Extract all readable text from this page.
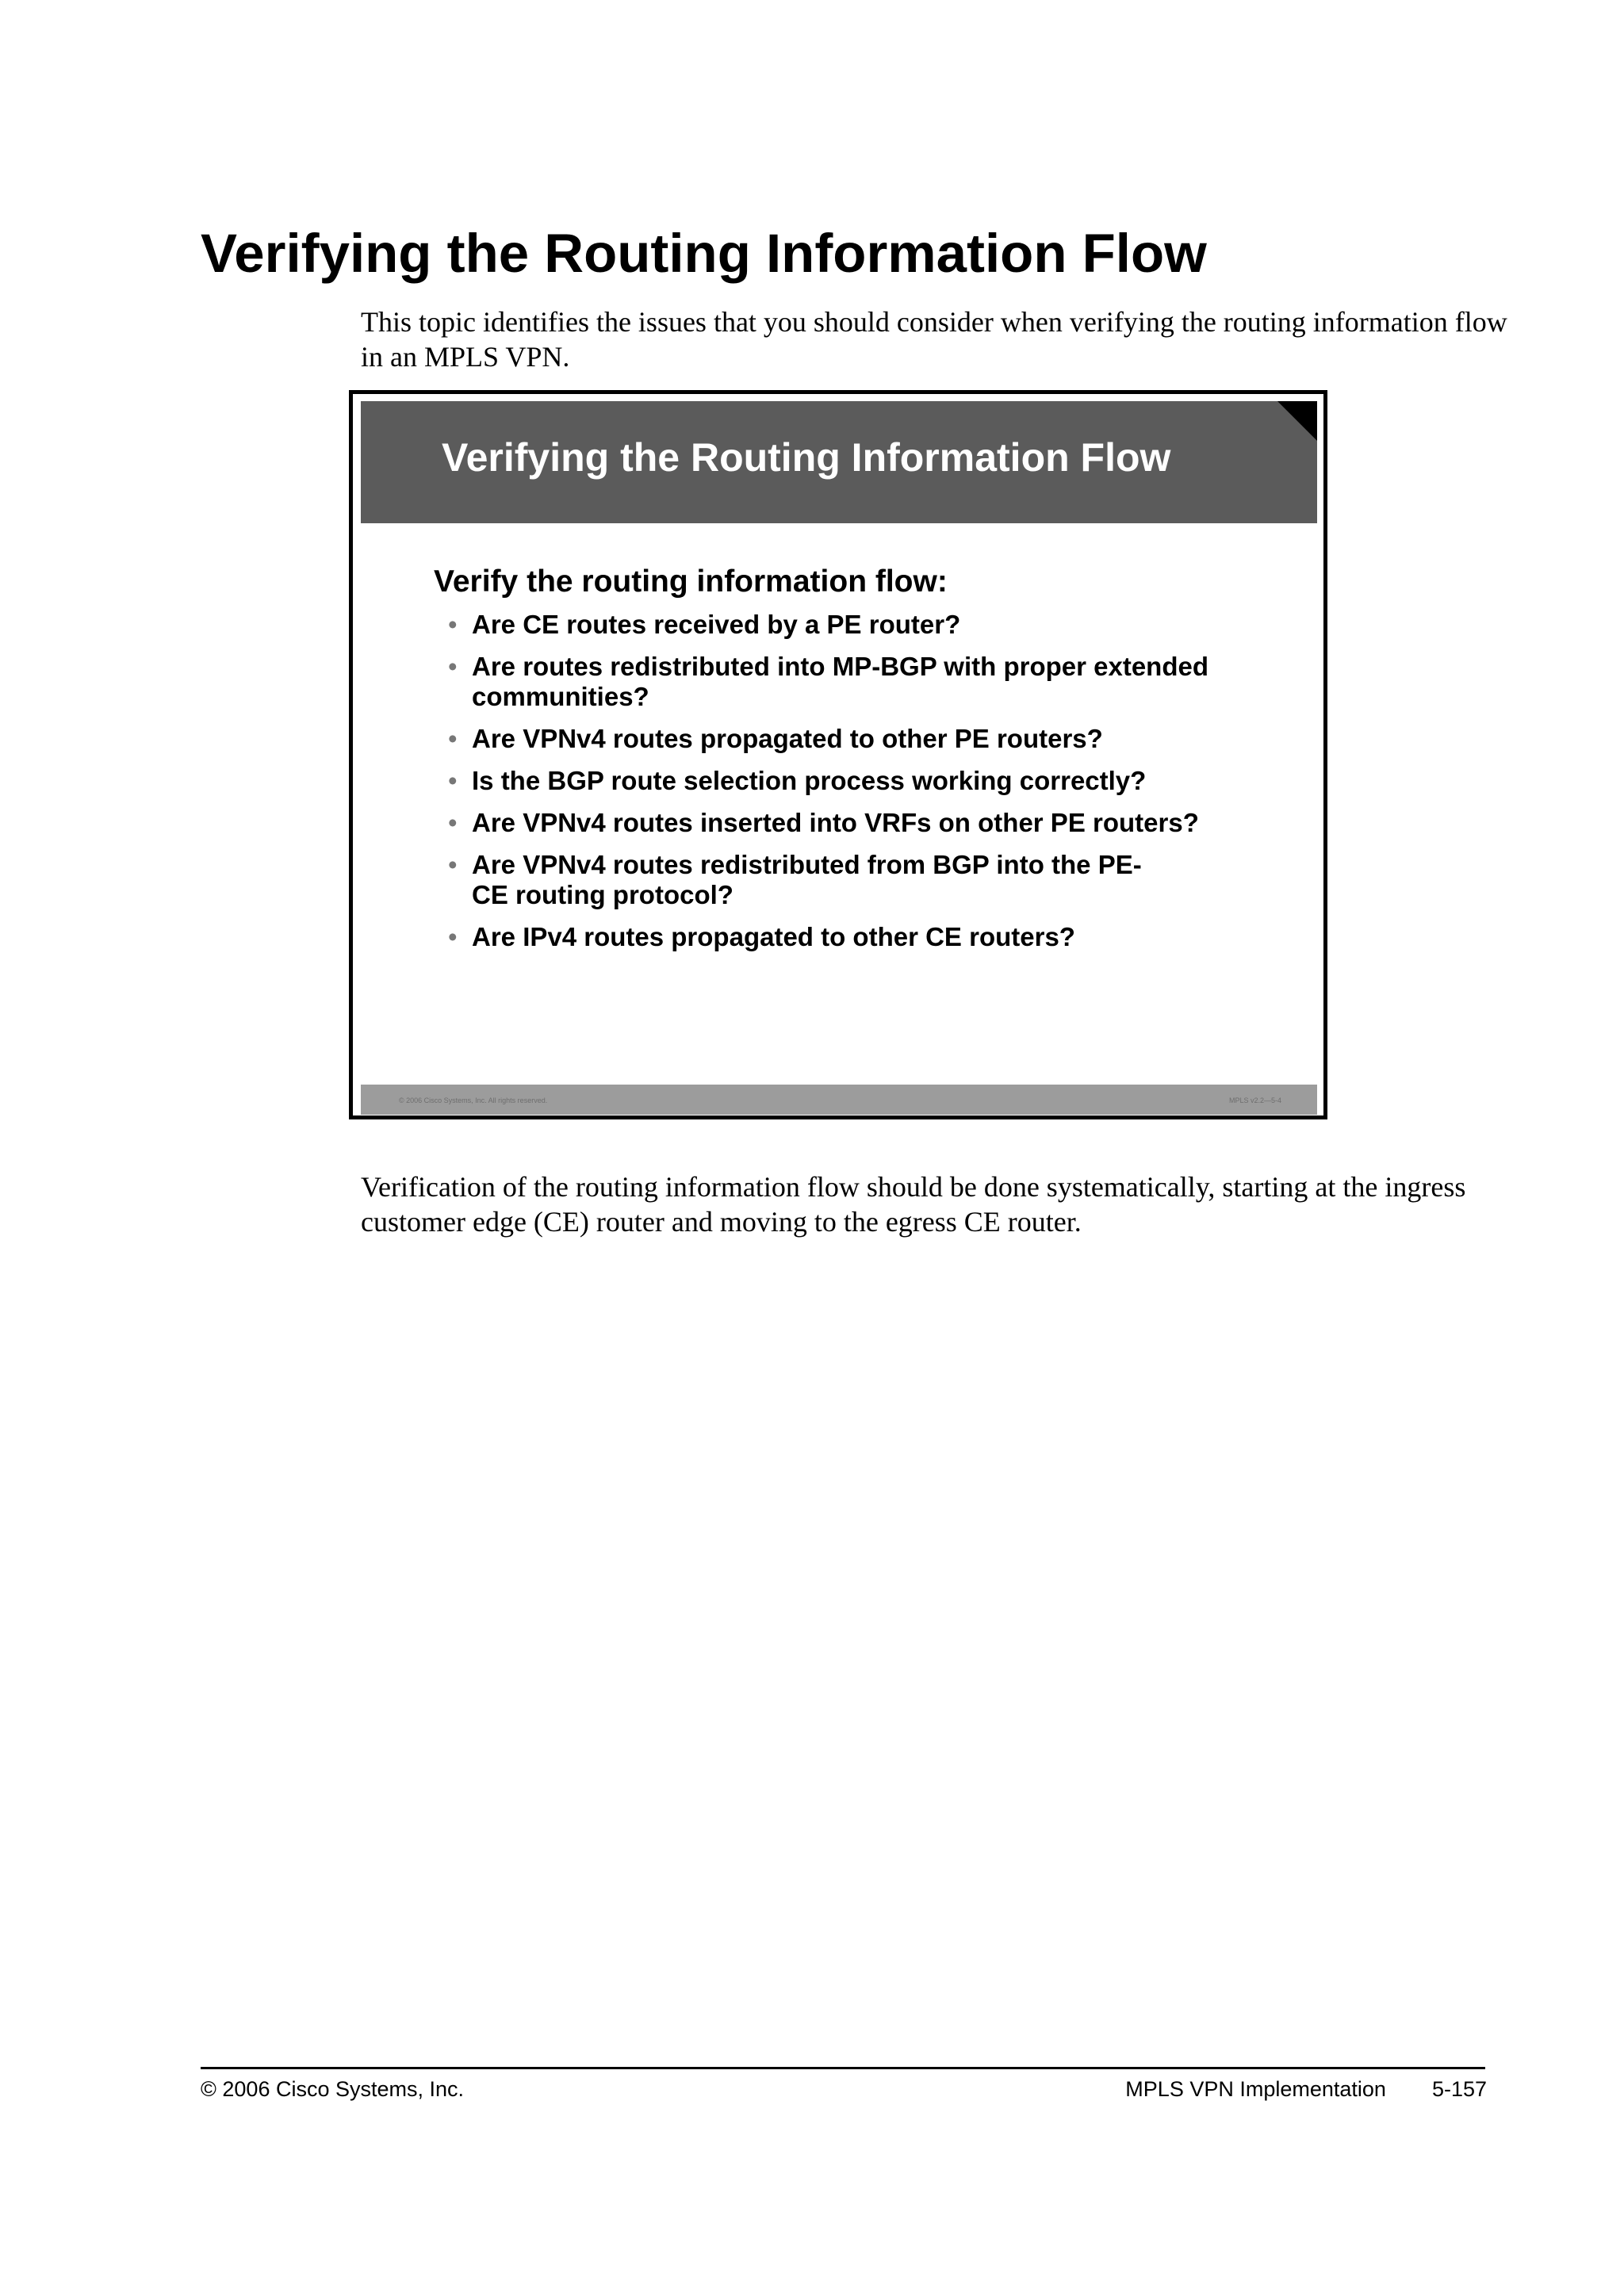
Verifying the Routing Information Flow

This topic identifies the issues that you should consider when verifying the routing information flow in an MPLS VPN.

Verifying the Routing Information Flow
Verify the routing information flow:
• Are CE routes received by a PE router?
• Are routes redistributed into MP-BGP with proper extended communities?
• Are VPNv4 routes propagated to other PE routers?
• Is the BGP route selection process working correctly?
• Are VPNv4 routes inserted into VRFs on other PE routers?
• Are VPNv4 routes redistributed from BGP into the PE-CE routing protocol?
• Are IPv4 routes propagated to other CE routers?
© 2006 Cisco Systems, Inc. All rights reserved.	MPLS v2.2—5-4

Verification of the routing information flow should be done systematically, starting at the ingress customer edge (CE) router and moving to the egress CE router.

© 2006 Cisco Systems, Inc.	MPLS VPN Implementation 5-157
